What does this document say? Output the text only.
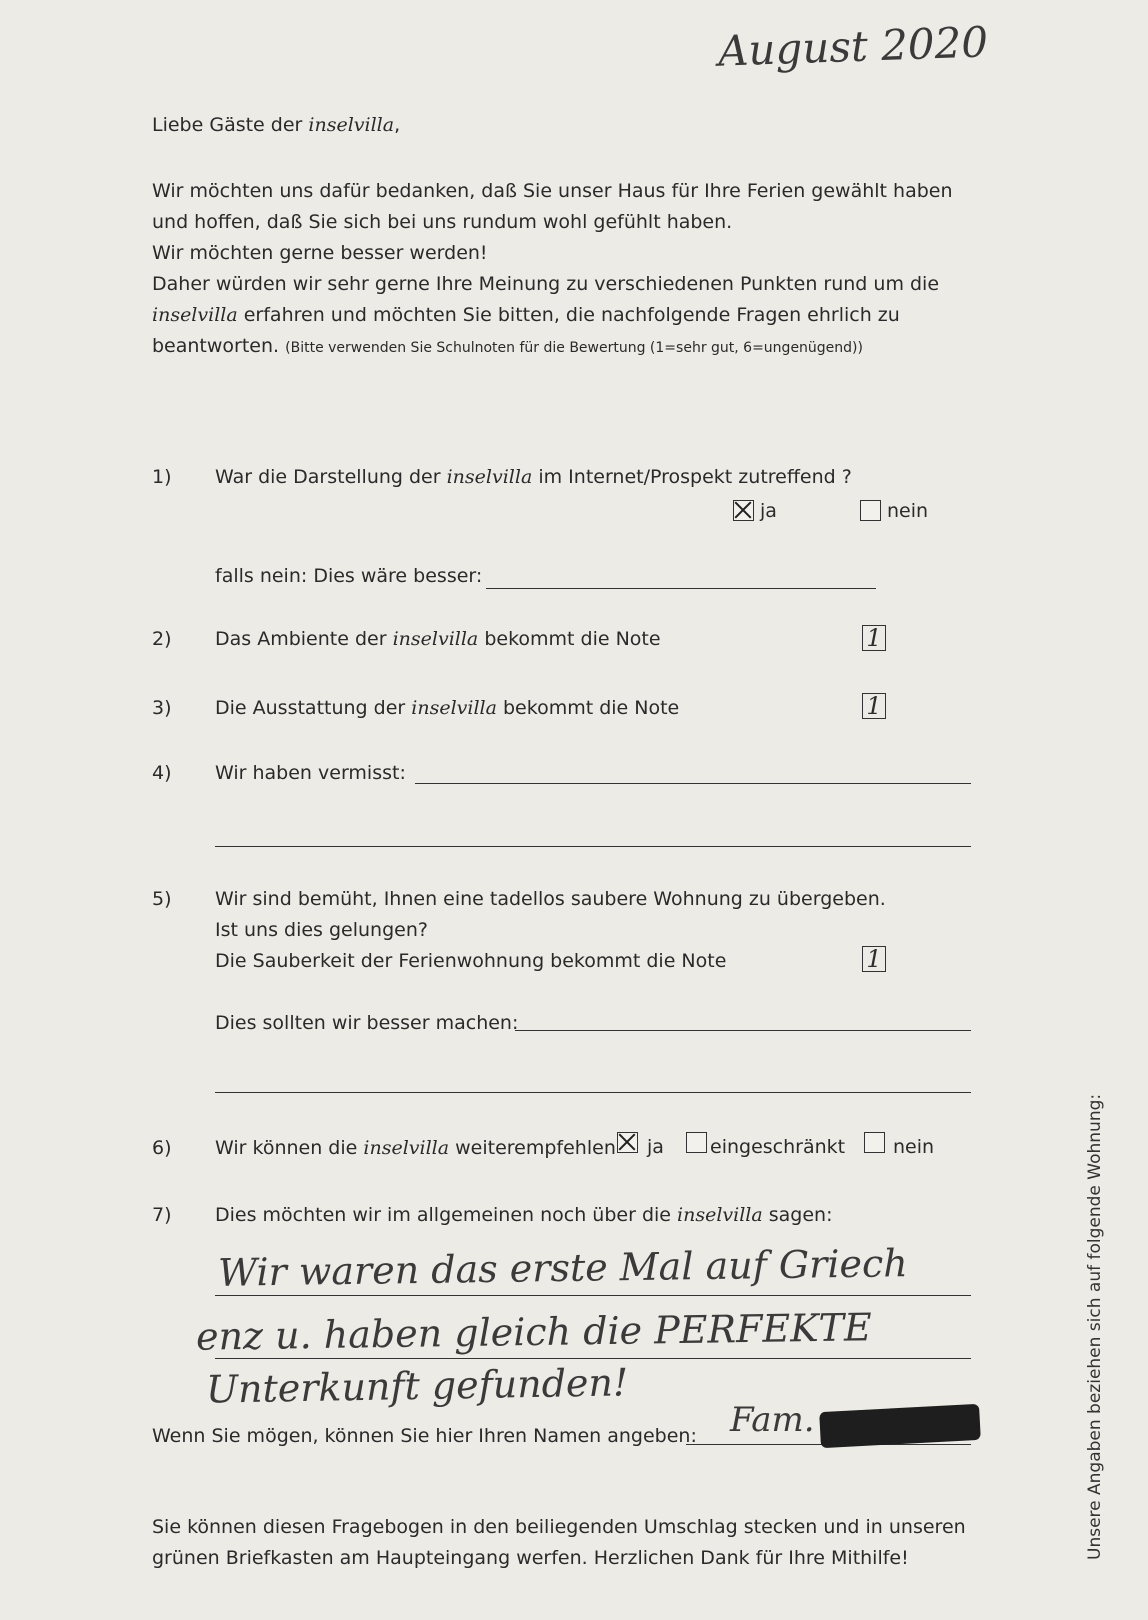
August 2020
Liebe Gäste der inselvilla,
Wir möchten uns dafür bedanken, daß Sie unser Haus für Ihre Ferien gewählt haben
und hoffen, daß Sie sich bei uns rundum wohl gefühlt haben.
Wir möchten gerne besser werden!
Daher würden wir sehr gerne Ihre Meinung zu verschiedenen Punkten rund um die
inselvilla erfahren und möchten Sie bitten, die nachfolgende Fragen ehrlich zu
beantworten. (Bitte verwenden Sie Schulnoten für die Bewertung (1=sehr gut, 6=ungenügend))
1) War die Darstellung der inselvilla im Internet/Prospekt zutreffend ?
ja	nein
falls nein: Dies wäre besser:
2) Das Ambiente der inselvilla bekommt die Note	1
3) Die Ausstattung der inselvilla bekommt die Note	1
4) Wir haben vermisst:
5) Wir sind bemüht, Ihnen eine tadellos saubere Wohnung zu übergeben.
Ist uns dies gelungen?
Die Sauberkeit der Ferienwohnung bekommt die Note	1
Dies sollten wir besser machen:
6) Wir können die inselvilla weiterempfehlen ja eingeschränkt	nein
7) Dies möchten wir im allgemeinen noch über die inselvilla sagen:
Wir waren das erste Mal auf Griech
enz u. haben gleich die PERFEKTE
Unterkunft gefunden!
Wenn Sie mögen, können Sie hier Ihren Namen angeben: Fam.
Sie können diesen Fragebogen in den beiliegenden Umschlag stecken und in unseren
grünen Briefkasten am Haupteingang werfen. Herzlichen Dank für Ihre Mithilfe!	Unsere Angaben beziehen sich auf folgende Wohnung:
